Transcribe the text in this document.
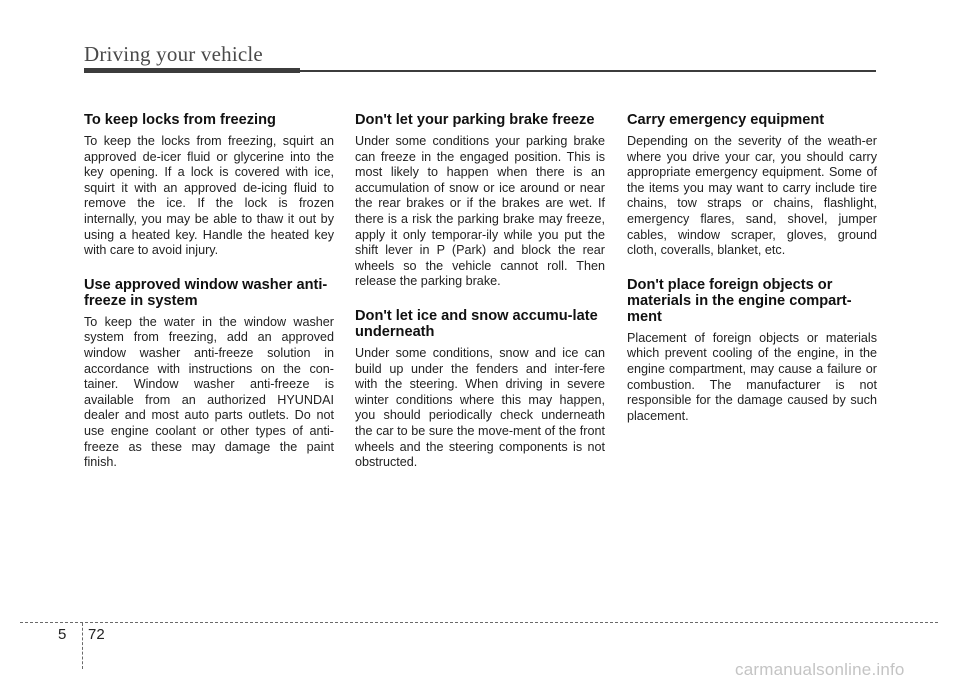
Driving your vehicle
To keep locks from freezing

To keep the locks from freezing, squirt an approved de-icer fluid or glycerine into the key opening. If a lock is covered with ice, squirt it with an approved de-icing fluid to remove the ice. If the lock is frozen internally, you may be able to thaw it out by using a heated key. Handle the heated key with care to avoid injury.

Use approved window washer anti-freeze in system

To keep the water in the window washer system from freezing, add an approved window washer anti-freeze solution in accordance with instructions on the con-tainer. Window washer anti-freeze is available from an authorized HYUNDAI dealer and most auto parts outlets. Do not use engine coolant or other types of anti-freeze as these may damage the paint finish.

Don't let your parking brake freeze

Under some conditions your parking brake can freeze in the engaged position. This is most likely to happen when there is an accumulation of snow or ice around or near the rear brakes or if the brakes are wet. If there is a risk the parking brake may freeze, apply it only temporar-ily while you put the shift lever in P (Park) and block the rear wheels so the vehicle cannot roll. Then release the parking brake.

Don't let ice and snow accumu-late underneath

Under some conditions, snow and ice can build up under the fenders and inter-fere with the steering. When driving in severe winter conditions where this may happen, you should periodically check underneath the car to be sure the move-ment of the front wheels and the steering components is not obstructed.

Carry emergency equipment

Depending on the severity of the weath-er where you drive your car, you should carry appropriate emergency equipment. Some of the items you may want to carry include tire chains, tow straps or chains, flashlight, emergency flares, sand, shovel, jumper cables, window scraper, gloves, ground cloth, coveralls, blanket, etc.

Don't place foreign objects or materials in the engine compart-ment

Placement of foreign objects or materials which prevent cooling of the engine, in the engine compartment, may cause a failure or combustion. The manufacturer is not responsible for the damage caused by such placement.

5 72
carmanualsonline.info
